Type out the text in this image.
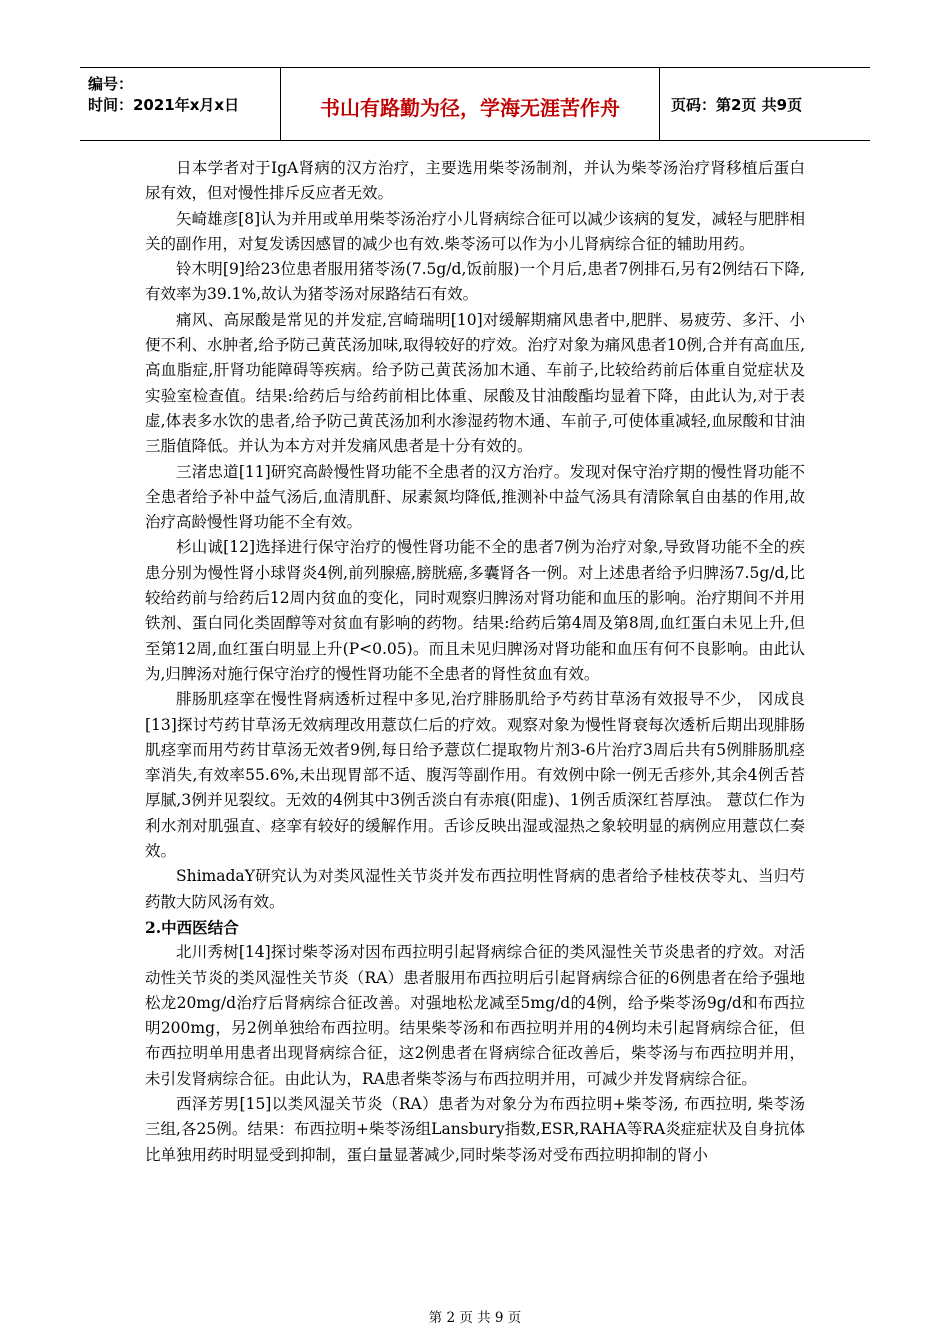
编号：
时间：2021年x月x日	书山有路勤为径，学海无涯苦作舟	页码：第2页 共9页

日本学者对于IgA肾病的汉方治疗，主要选用柴苓汤制剂，并认为柴苓汤治疗肾移植后蛋白尿有效，但对慢性排斥反应者无效。

矢崎雄彦[8]认为并用或单用柴苓汤治疗小儿肾病综合征可以减少该病的复发，减轻与肥胖相关的副作用，对复发诱因感冒的减少也有效.柴苓汤可以作为小儿肾病综合征的辅助用药。

铃木明[9]给23位患者服用猪苓汤(7.5g/d,饭前服)一个月后,患者7例排石,另有2例结石下降,有效率为39.1%,故认为猪苓汤对尿路结石有效。

痛风、高尿酸是常见的并发症,宫崎瑞明[10]对缓解期痛风患者中,肥胖、易疲劳、多汗、小便不利、水肿者,给予防己黄芪汤加味,取得较好的疗效。治疗对象为痛风患者10例,合并有高血压,高血脂症,肝肾功能障碍等疾病。给予防己黄芪汤加木通、车前子,比较给药前后体重自觉症状及实验室检查值。结果:给药后与给药前相比体重、尿酸及甘油酸酯均显着下降，由此认为,对于表虚,体表多水饮的患者,给予防己黄芪汤加利水渗湿药物木通、车前子,可使体重减轻,血尿酸和甘油三脂值降低。并认为本方对并发痛风患者是十分有效的。

三渚忠道[11]研究高龄慢性肾功能不全患者的汉方治疗。发现对保守治疗期的慢性肾功能不全患者给予补中益气汤后,血清肌酐、尿素氮均降低,推测补中益气汤具有清除氧自由基的作用,故治疗高龄慢性肾功能不全有效。

杉山诚[12]选择进行保守治疗的慢性肾功能不全的患者7例为治疗对象,导致肾功能不全的疾患分别为慢性肾小球肾炎4例,前列腺癌,膀胱癌,多囊肾各一例。对上述患者给予归脾汤7.5g/d,比较给药前与给药后12周内贫血的变化，同时观察归脾汤对肾功能和血压的影响。治疗期间不并用铁剂、蛋白同化类固醇等对贫血有影响的药物。结果:给药后第4周及第8周,血红蛋白未见上升,但至第12周,血红蛋白明显上升(P<0.05)。而且未见归脾汤对肾功能和血压有何不良影响。由此认为,归脾汤对施行保守治疗的慢性肾功能不全患者的肾性贫血有效。

腓肠肌痉挛在慢性肾病透析过程中多见,治疗腓肠肌给予芍药甘草汤有效报导不少， 冈成良[13]探讨芍药甘草汤无效病理改用薏苡仁后的疗效。观察对象为慢性肾衰每次透析后期出现腓肠肌痉挛而用芍药甘草汤无效者9例,每日给予薏苡仁提取物片剂3-6片治疗3周后共有5例腓肠肌痉挛消失,有效率55.6%,未出现胃部不适、腹泻等副作用。有效例中除一例无舌疹外,其余4例舌苔厚腻,3例并见裂纹。无效的4例其中3例舌淡白有赤痕(阳虚)、1例舌质深红苔厚浊。 薏苡仁作为利水剂对肌强直、痉挛有较好的缓解作用。舌诊反映出湿或湿热之象较明显的病例应用薏苡仁奏效。

ShimadaY研究认为对类风湿性关节炎并发布西拉明性肾病的患者给予桂枝茯苓丸、当归芍药散大防风汤有效。

2.中西医结合

北川秀树[14]探讨柴苓汤对因布西拉明引起肾病综合征的类风湿性关节炎患者的疗效。对活动性关节炎的类风湿性关节炎（RA）患者服用布西拉明后引起肾病综合征的6例患者在给予强地松龙20mg/d治疗后肾病综合征改善。对强地松龙减至5mg/d的4例，给予柴苓汤9g/d和布西拉明200mg，另2例单独给布西拉明。结果柴苓汤和布西拉明并用的4例均未引起肾病综合征，但布西拉明单用患者出现肾病综合征，这2例患者在肾病综合征改善后，柴苓汤与布西拉明并用，未引发肾病综合征。由此认为，RA患者柴苓汤与布西拉明并用，可减少并发肾病综合征。

西泽芳男[15]以类风湿关节炎（RA）患者为对象分为布西拉明+柴苓汤, 布西拉明, 柴苓汤三组,各25例。结果：布西拉明+柴苓汤组Lansbury指数,ESR,RAHA等RA炎症症状及自身抗体比单独用药时明显受到抑制，蛋白量显著减少,同时柴苓汤对受布西拉明抑制的肾小

第 2 页 共 9 页
